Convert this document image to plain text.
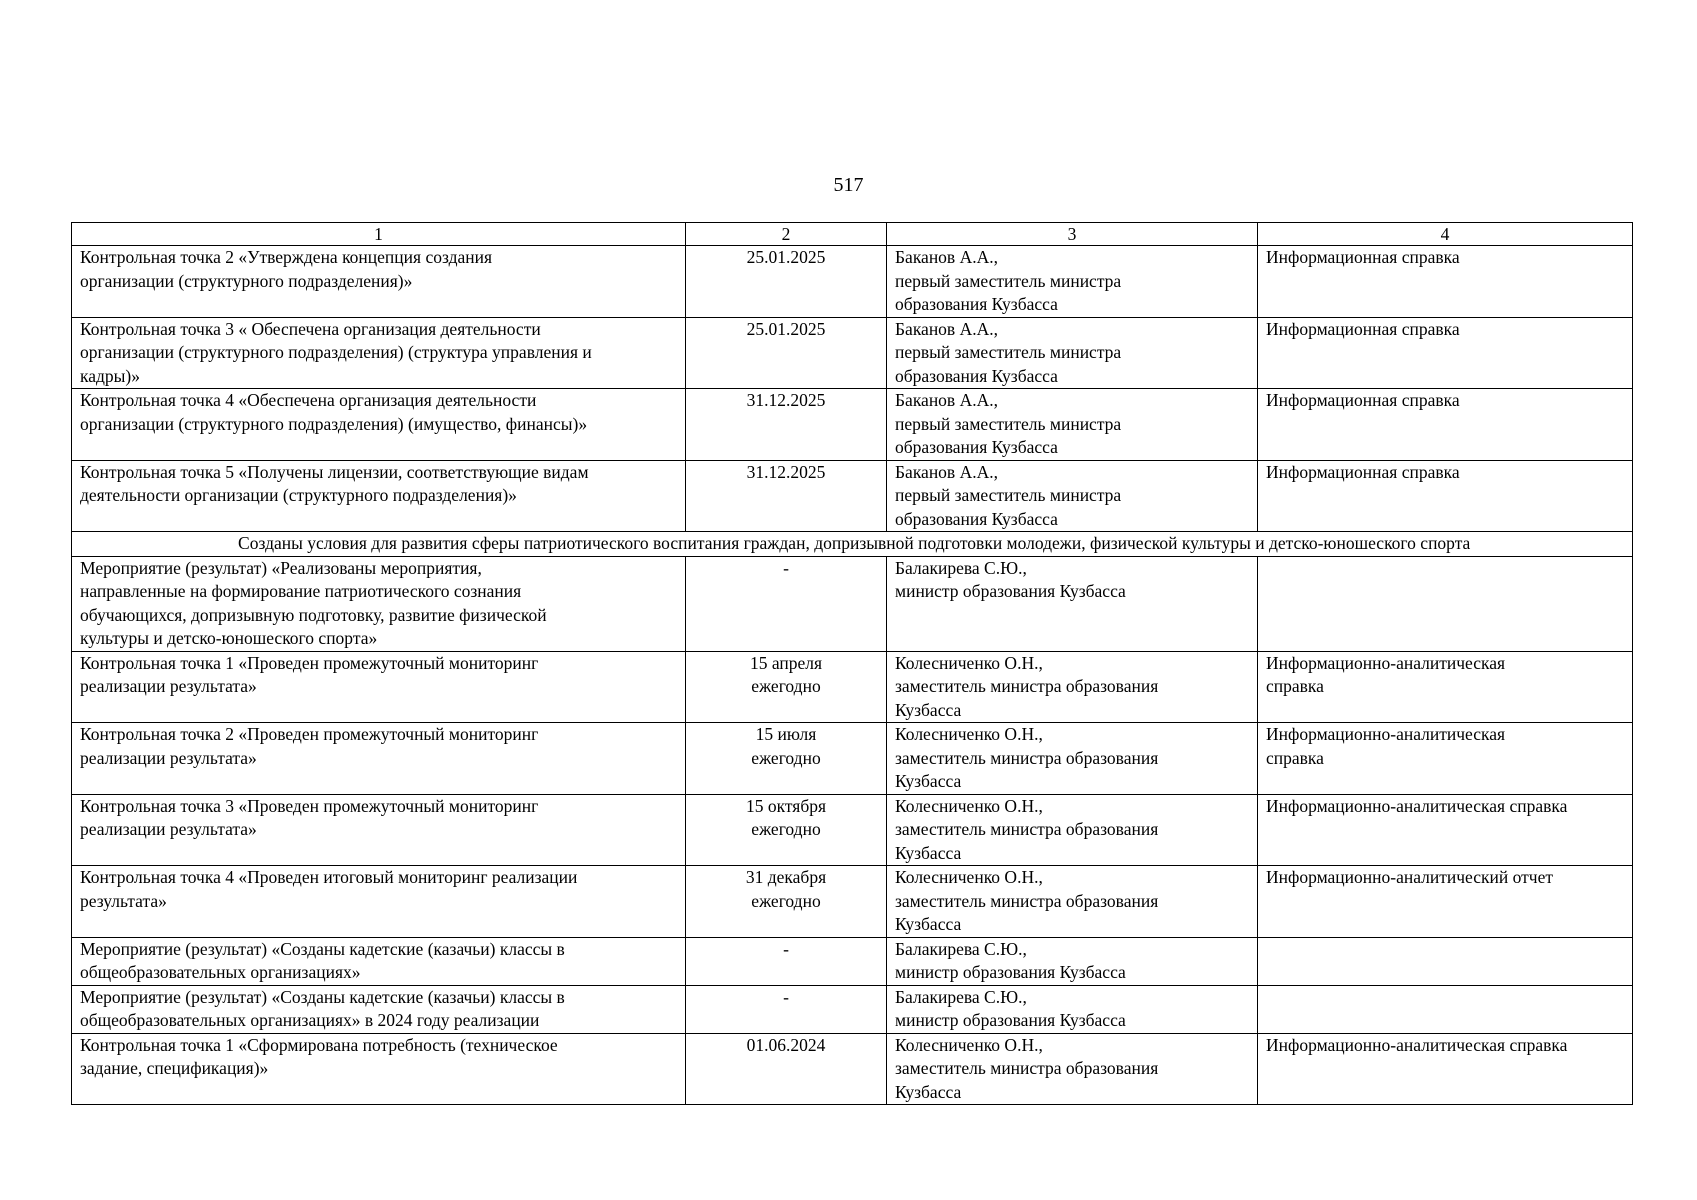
517
1	2	3	4

Контрольная точка 2 «Утверждена концепция создания
организации (структурного подразделения)»	25.01.2025	Баканов А.А.,
первый заместитель министра
образования Кузбасса	Информационная справка

Контрольная точка 3 « Обеспечена организация деятельности
организации (структурного подразделения) (структура управления и
кадры)»	25.01.2025	Баканов А.А.,
первый заместитель министра
образования Кузбасса	Информационная справка

Контрольная точка 4 «Обеспечена организация деятельности
организации (структурного подразделения) (имущество, финансы)»	31.12.2025	Баканов А.А.,
первый заместитель министра
образования Кузбасса	Информационная справка

Контрольная точка 5 «Получены лицензии, соответствующие видам
деятельности организации (структурного подразделения)»	31.12.2025	Баканов А.А.,
первый заместитель министра
образования Кузбасса	Информационная справка

Созданы условия для развития сферы патриотического воспитания граждан, допризывной подготовки молодежи, физической культуры и детско-юношеского спорта			

Мероприятие (результат) «Реализованы мероприятия,
направленные на формирование патриотического сознания
обучающихся, допризывную подготовку, развитие физической
культуры и детско-юношеского спорта»	-	Балакирева С.Ю.,
министр образования Кузбасса	

Контрольная точка 1 «Проведен промежуточный мониторинг
реализации результата»	15 апреля
ежегодно	Колесниченко О.Н.,
заместитель министра образования
Кузбасса	Информационно-аналитическая
справка

Контрольная точка 2 «Проведен промежуточный мониторинг
реализации результата»	15 июля
ежегодно	Колесниченко О.Н.,
заместитель министра образования
Кузбасса	Информационно-аналитическая
справка

Контрольная точка 3 «Проведен промежуточный мониторинг
реализации результата»	15 октября
ежегодно	Колесниченко О.Н.,
заместитель министра образования
Кузбасса	Информационно-аналитическая справка

Контрольная точка 4 «Проведен итоговый мониторинг реализации
результата»	31 декабря
ежегодно	Колесниченко О.Н.,
заместитель министра образования
Кузбасса	Информационно-аналитический отчет

Мероприятие (результат) «Созданы кадетские (казачьи) классы в
общеобразовательных организациях»	-	Балакирева С.Ю.,
министр образования Кузбасса	

Мероприятие (результат) «Созданы кадетские (казачьи) классы в
общеобразовательных организациях» в 2024 году реализации	-	Балакирева С.Ю.,
министр образования Кузбасса	

Контрольная точка 1 «Сформирована потребность (техническое
задание, спецификация)»	01.06.2024	Колесниченко О.Н.,
заместитель министра образования
Кузбасса	Информационно-аналитическая справка
